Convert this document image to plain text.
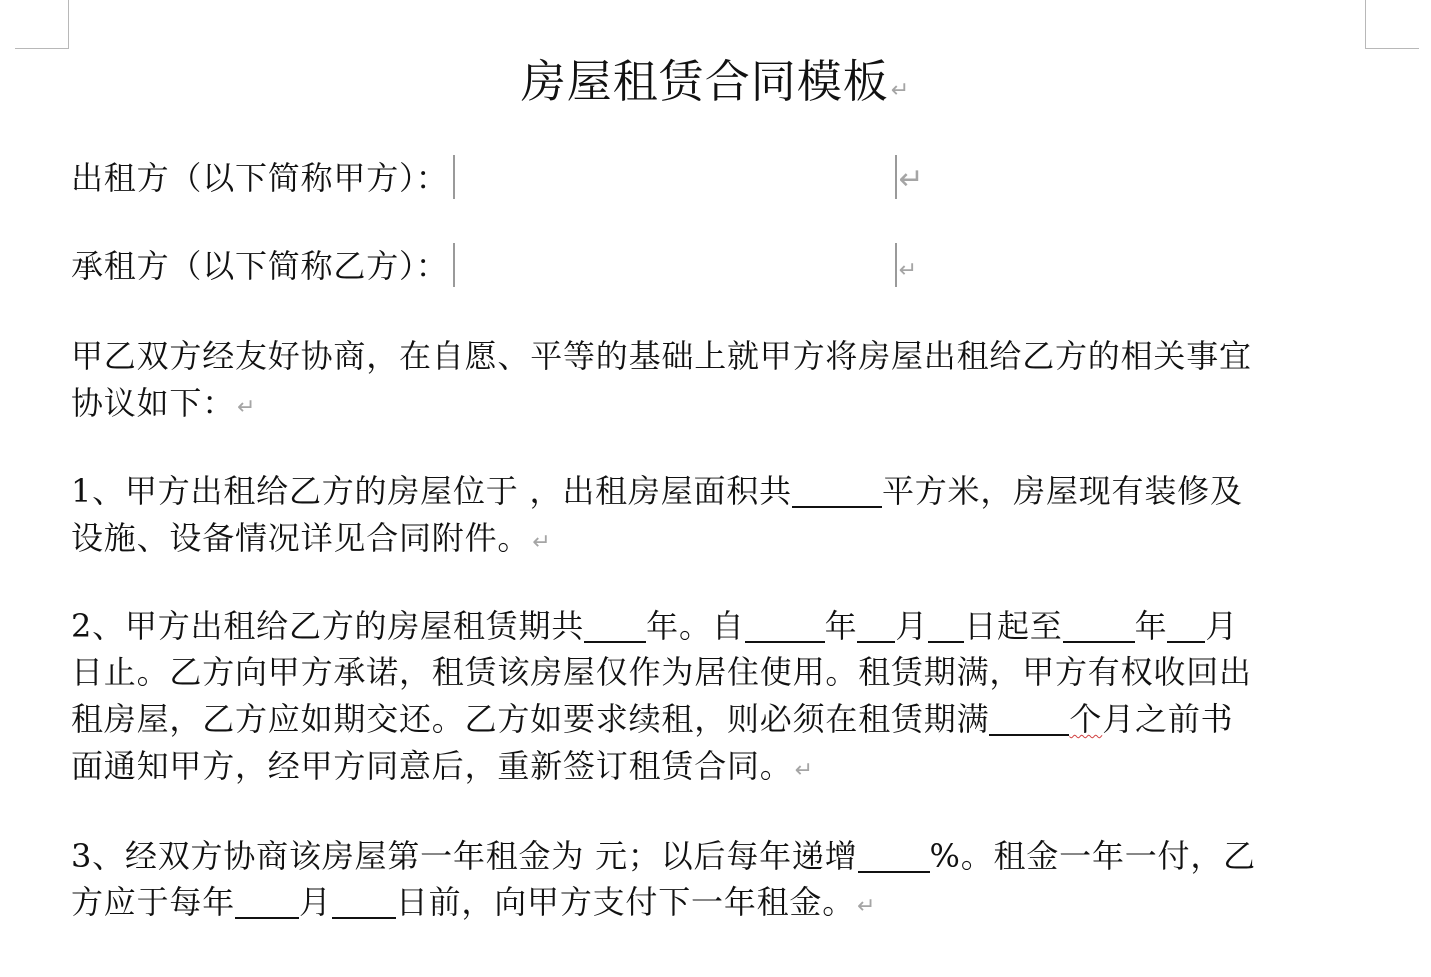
房屋租赁合同模板↵
出租方（以下简称甲方）：	↵
承租方（以下简称乙方）：	↵
甲乙双方经友好协商，在自愿、平等的基础上就甲方将房屋出租给乙方的相关事宜
协议如下：↵
1、甲方出租给乙方的房屋位于 ，出租房屋面积共	平方米，房屋现有装修及
设施、设备情况详见合同附件。↵
2、甲方出租给乙方的房屋租赁期共 年。自	年 月 日起至 年 月
日止。乙方向甲方承诺，租赁该房屋仅作为居住使用。租赁期满，甲方有权收回出
租房屋，乙方应如期交还。乙方如要求续租，则必须在租赁期满	个月之前书
面通知甲方，经甲方同意后，重新签订租赁合同。↵
3、经双方协商该房屋第一年租金为 元；以后每年递增 %。租金一年一付，乙
方应于每年 月 日前，向甲方支付下一年租金。↵
